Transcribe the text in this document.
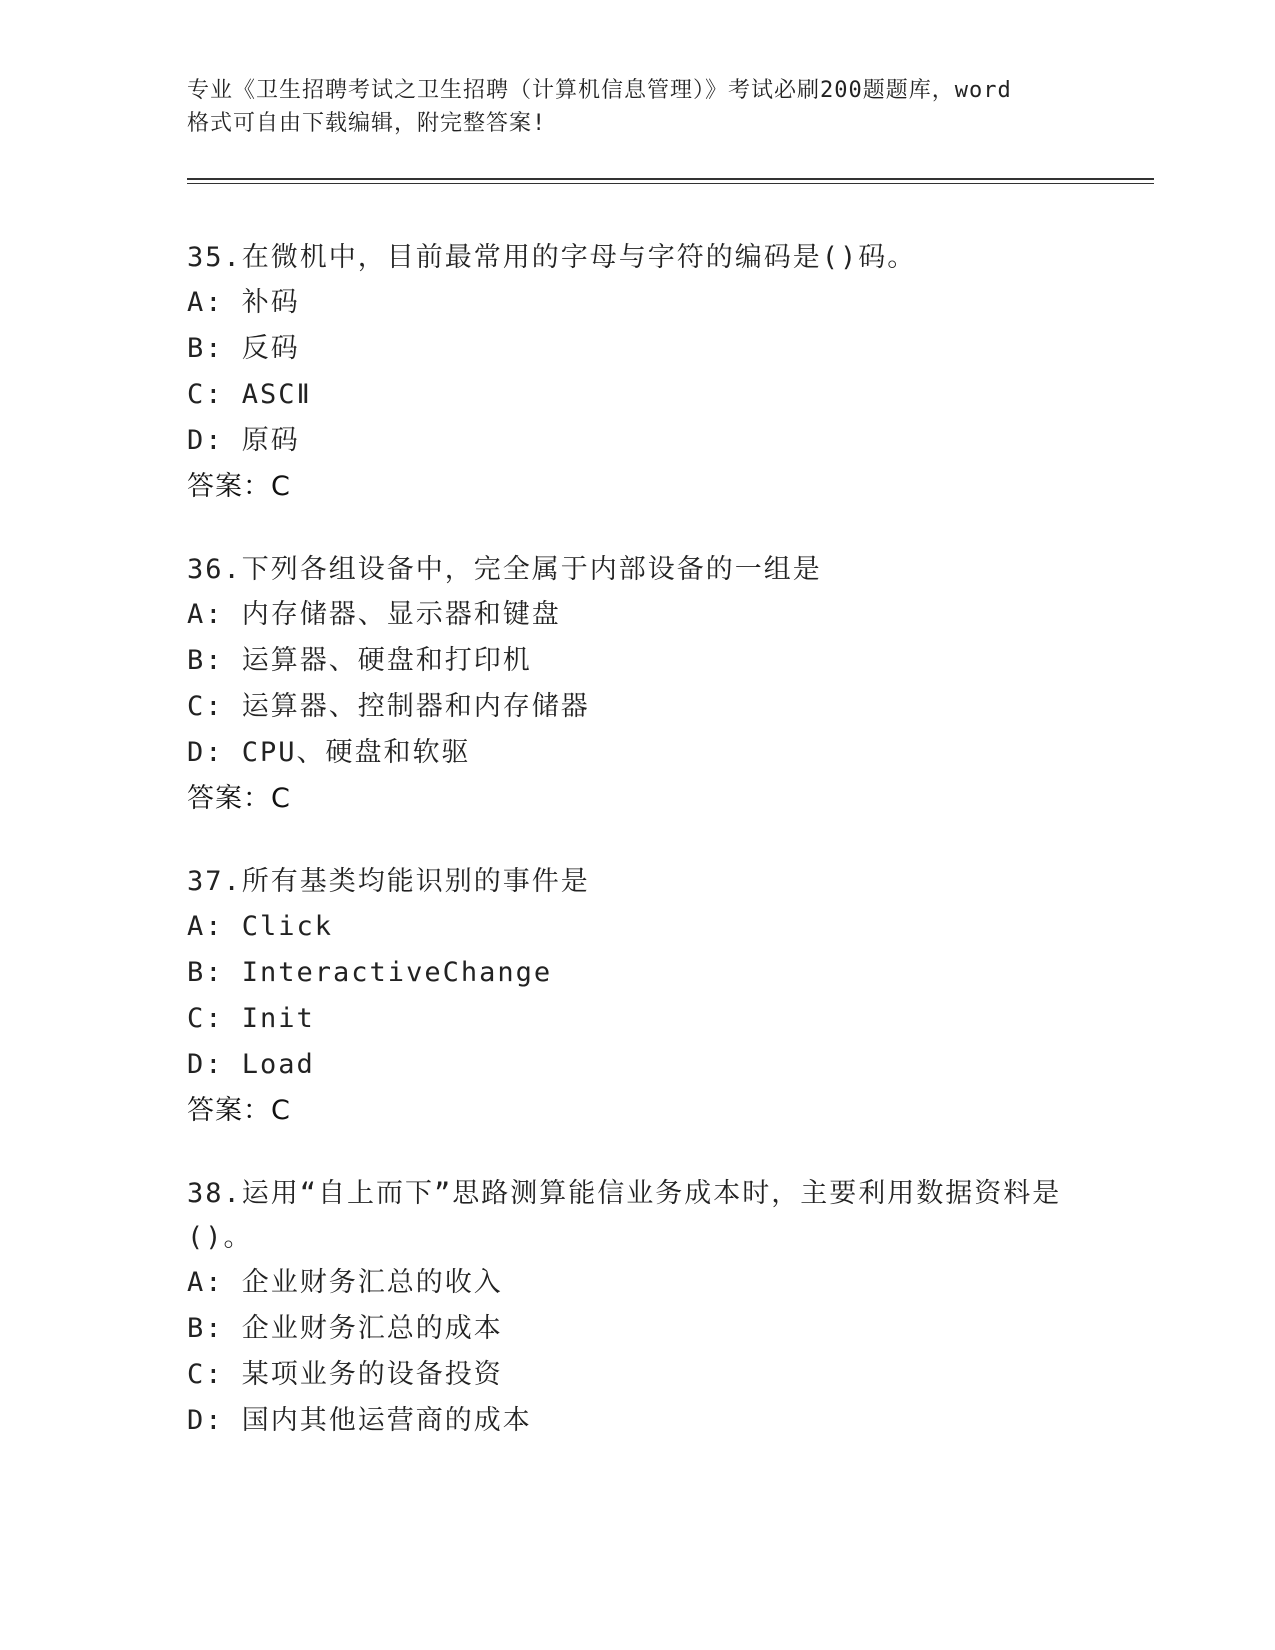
专业《卫生招聘考试之卫生招聘（计算机信息管理）》考试必刷200题题库，word
格式可自由下载编辑，附完整答案!

35.在微机中，目前最常用的字母与字符的编码是()码。

A: 补码

B: 反码

C: ASCⅡ

D: 原码

答案：C

36.下列各组设备中，完全属于内部设备的一组是

A: 内存储器、显示器和键盘

B: 运算器、硬盘和打印机

C: 运算器、控制器和内存储器

D: CPU、硬盘和软驱

答案：C

37.所有基类均能识别的事件是

A: Click

B: InteractiveChange

C: Init

D: Load

答案：C

38.运用“自上而下”思路测算能信业务成本时，主要利用数据资料是

()。

A: 企业财务汇总的收入

B: 企业财务汇总的成本

C: 某项业务的设备投资

D: 国内其他运营商的成本
